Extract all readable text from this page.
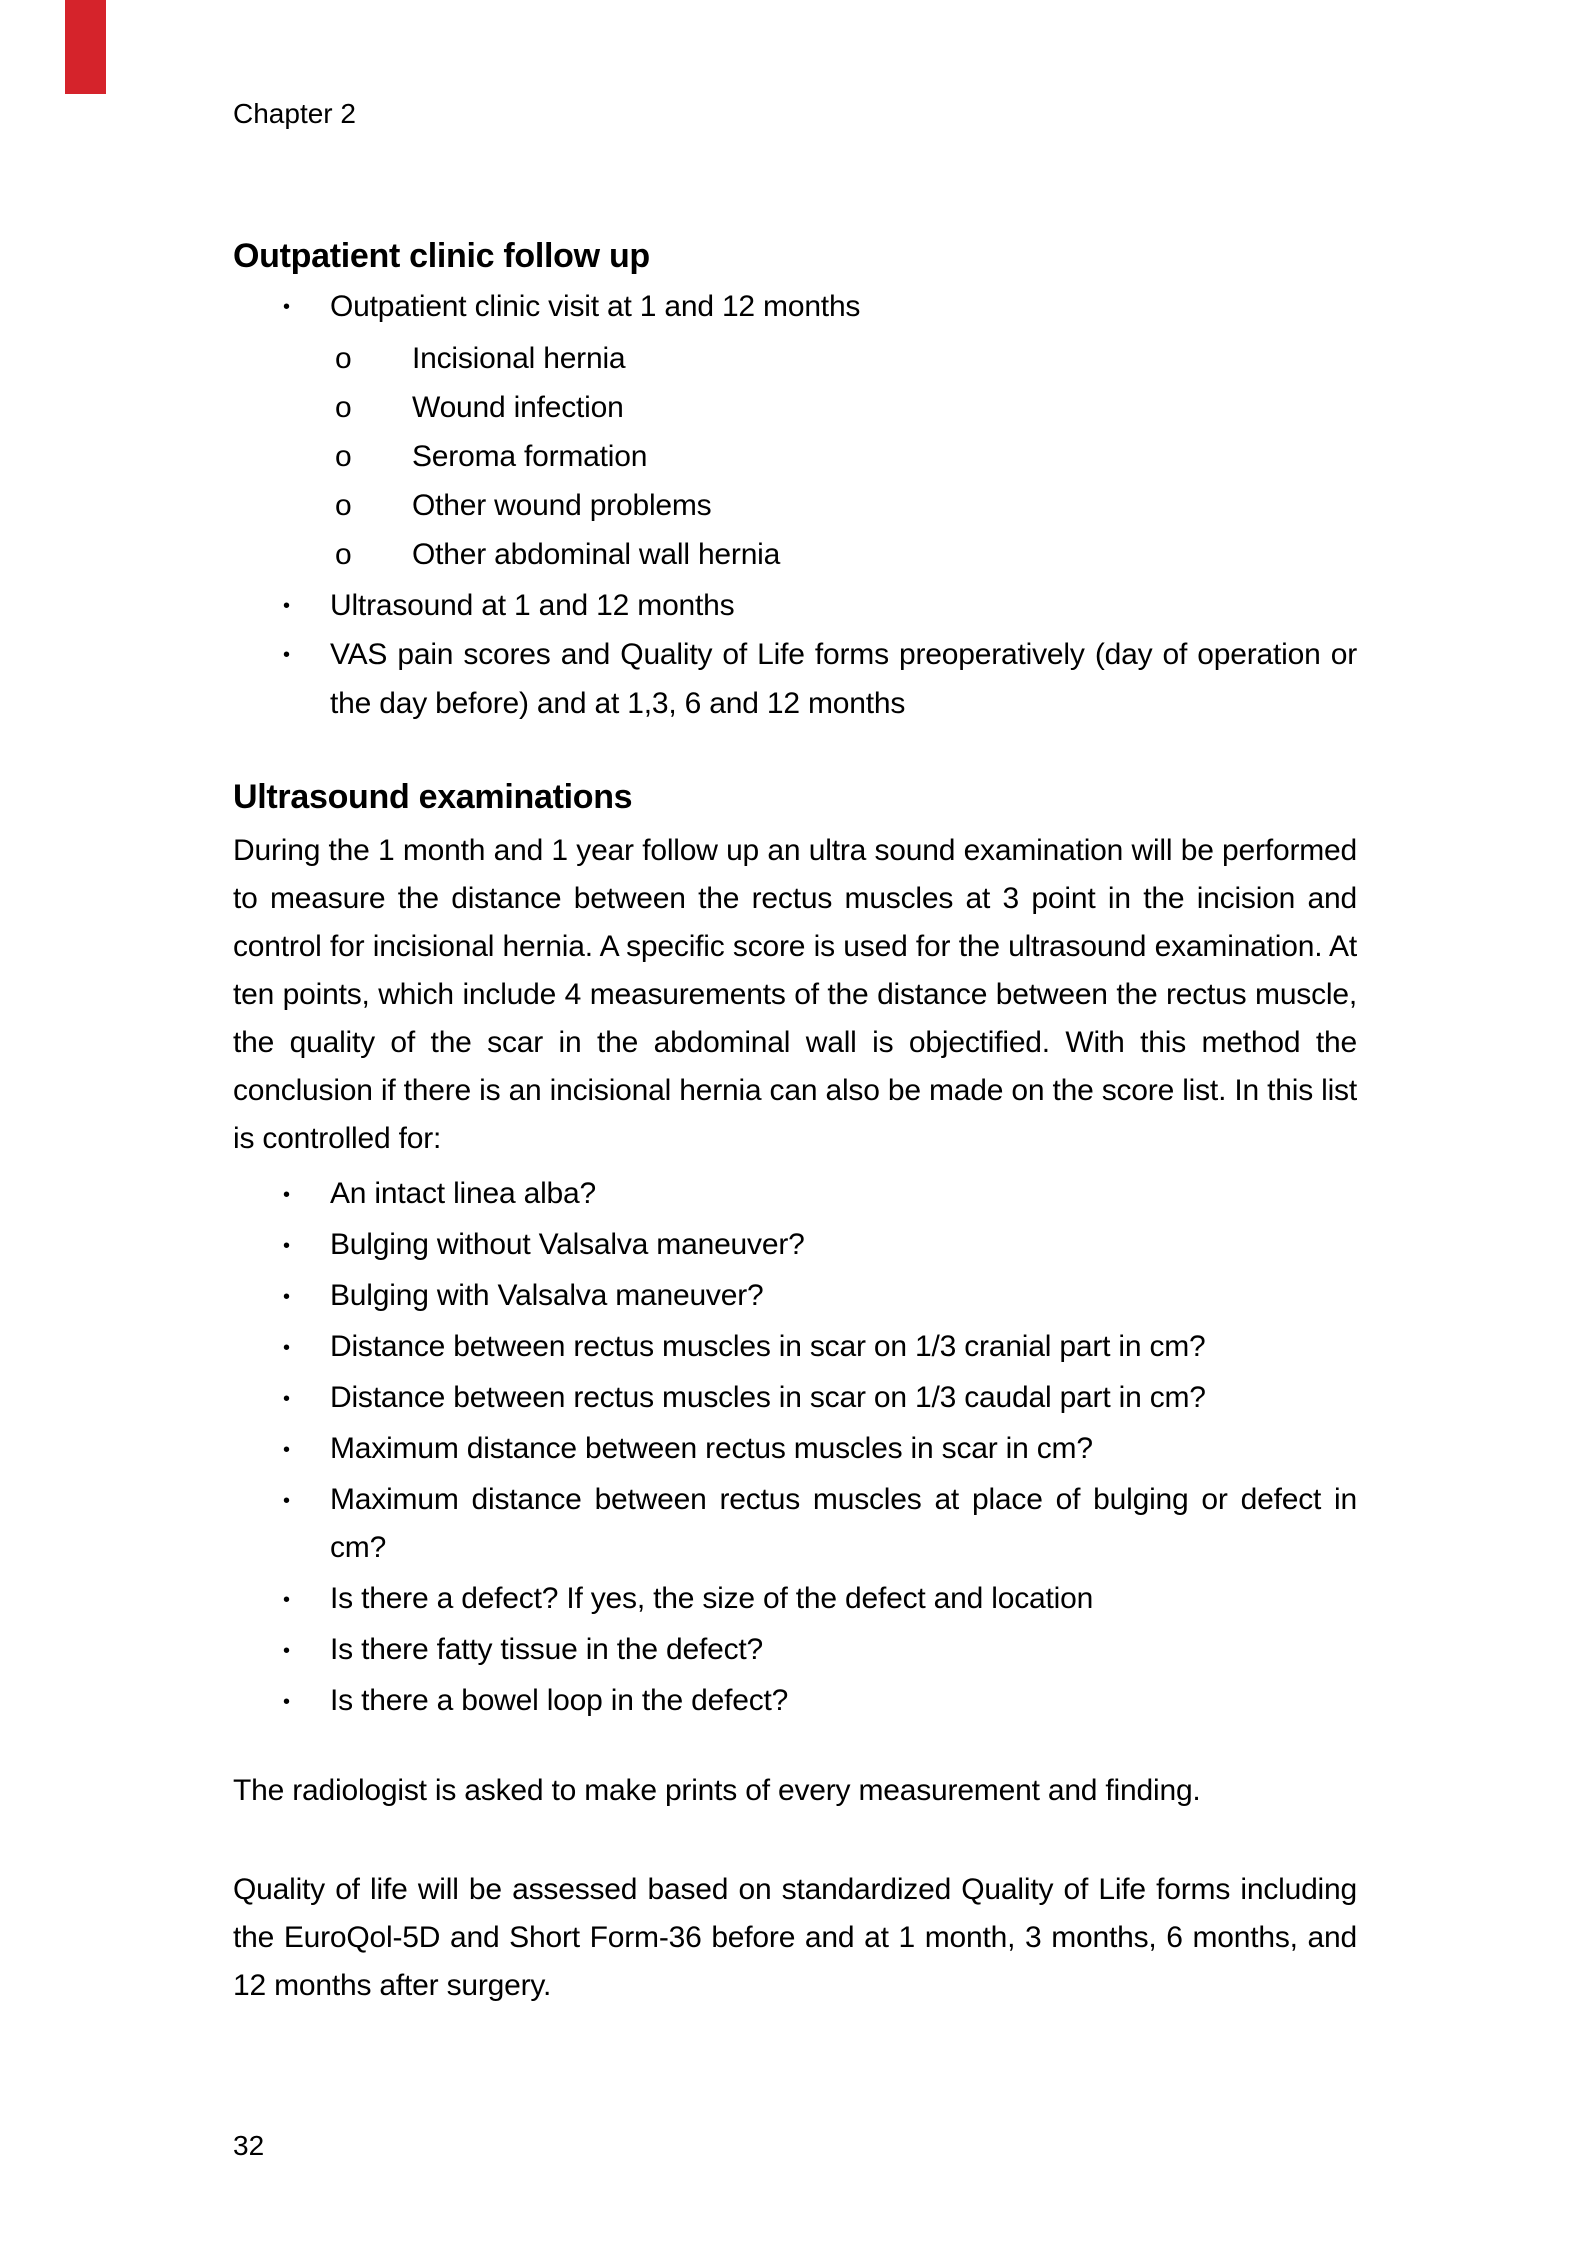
Chapter 2
Outpatient clinic follow up
• Outpatient clinic visit at 1 and 12 months
o Incisional hernia
o Wound infection
o Seroma formation
o Other wound problems
o Other abdominal wall hernia
• Ultrasound at 1 and 12 months
• VAS pain scores and Quality of Life forms preoperatively (day of operation or the day before) and at 1,3, 6 and 12 months
Ultrasound examinations

During the 1 month and 1 year follow up an ultra sound examination will be performed to measure the distance between the rectus muscles at 3 point in the incision and control for incisional hernia. A specific score is used for the ultrasound examination. At ten points, which include 4 measurements of the distance between the rectus muscle, the quality of the scar in the abdominal wall is objectified. With this method the conclusion if there is an incisional hernia can also be made on the score list. In this list is controlled for:

• An intact linea alba?
• Bulging without Valsalva maneuver?
• Bulging with Valsalva maneuver?
• Distance between rectus muscles in scar on 1/3 cranial part in cm?
• Distance between rectus muscles in scar on 1/3 caudal part in cm?
• Maximum distance between rectus muscles in scar in cm?
• Maximum distance between rectus muscles at place of bulging or defect in cm?
• Is there a defect? If yes, the size of the defect and location
• Is there fatty tissue in the defect?
• Is there a bowel loop in the defect?

The radiologist is asked to make prints of every measurement and finding.

Quality of life will be assessed based on standardized Quality of Life forms including the EuroQol-5D and Short Form-36 before and at 1 month, 3 months, 6 months, and 12 months after surgery.

32
